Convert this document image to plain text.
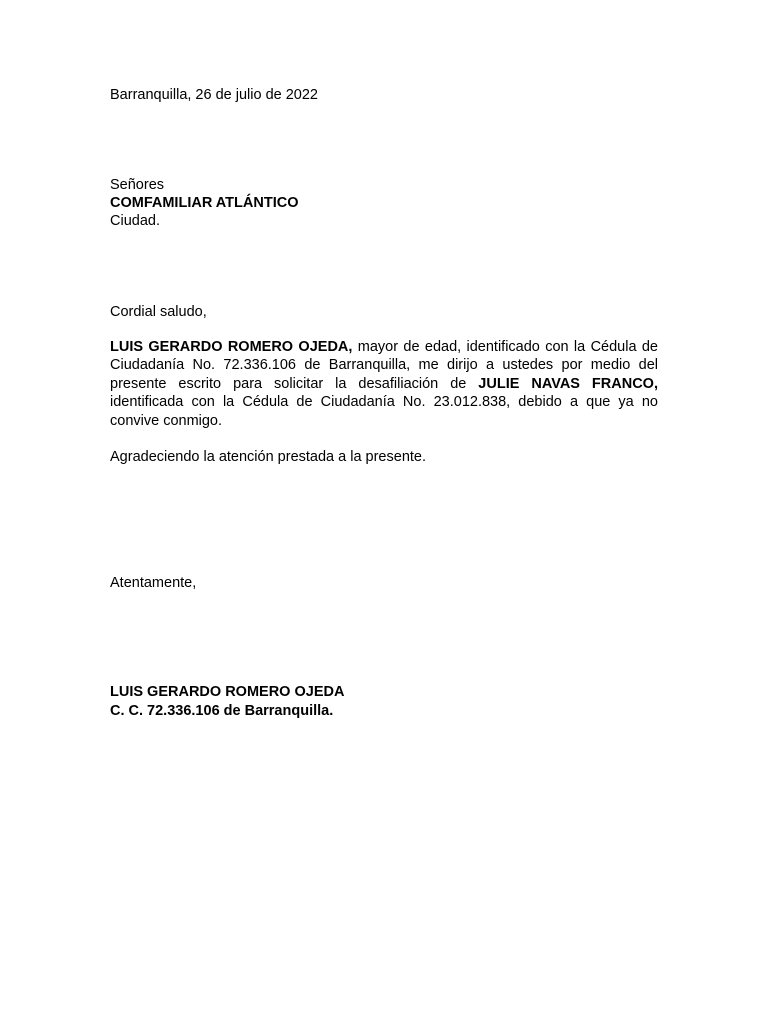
Barranquilla, 26 de julio de 2022

Señores

COMFAMILIAR ATLÁNTICO

Ciudad.

Cordial saludo,

LUIS GERARDO ROMERO OJEDA, mayor de edad, identificado con la Cédula de Ciudadanía No. 72.336.106 de Barranquilla, me dirijo a ustedes por medio del presente escrito para solicitar la desafiliación de JULIE NAVAS FRANCO, identificada con la Cédula de Ciudadanía No. 23.012.838, debido a que ya no convive conmigo.

Agradeciendo la atención prestada a la presente.

Atentamente,

LUIS GERARDO ROMERO OJEDA

C. C. 72.336.106 de Barranquilla.
